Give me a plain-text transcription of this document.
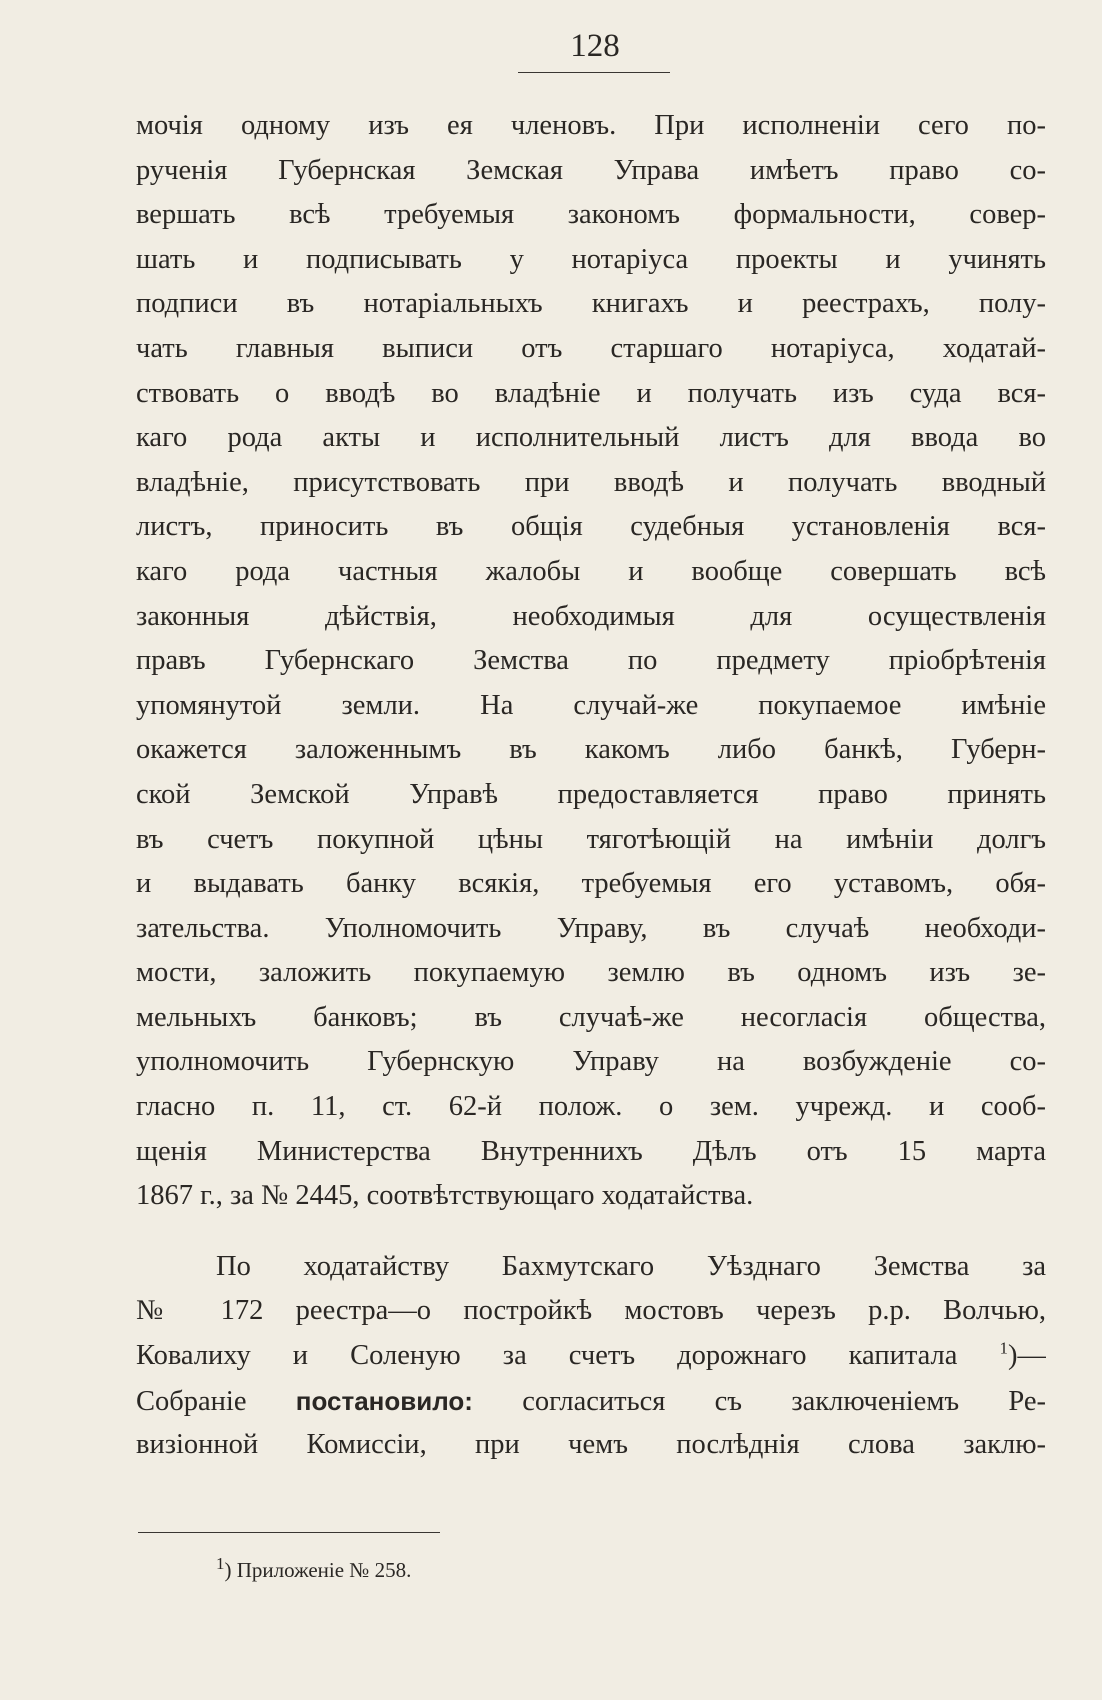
128
мочія одному изъ ея членовъ. При исполненіи сего по-
рученія Губернская Земская Управа имѣетъ право со-
вершать всѣ требуемыя закономъ формальности, совер-
шать и подписывать у нотаріуса проекты и учинять
подписи въ нотаріальныхъ книгахъ и реестрахъ, полу-
чать главныя выписи отъ старшаго нотаріуса, ходатай-
ствовать о вводѣ во владѣніе и получать изъ суда вся-
каго рода акты и исполнительный листъ для ввода во
владѣніе, присутствовать при вводѣ и получать вводный
листъ, приносить въ общія судебныя установленія вся-
каго рода частныя жалобы и вообще совершать всѣ
законныя дѣйствія, необходимыя для осуществленія
правъ Губернскаго Земства по предмету пріобрѣтенія
упомянутой земли. На случай-же покупаемое имѣніе
окажется заложеннымъ въ какомъ либо банкѣ, Губерн-
ской Земской Управѣ предоставляется право принять
въ счетъ покупной цѣны тяготѣющій на имѣніи долгъ
и выдавать банку всякія, требуемыя его уставомъ, обя-
зательства. Уполномочить Управу, въ случаѣ необходи-
мости, заложить покупаемую землю въ одномъ изъ зе-
мельныхъ банковъ; въ случаѣ-же несогласія общества,
уполномочить Губернскую Управу на возбужденіе со-
гласно п. 11, ст. 62-й полож. о зем. учрежд. и сооб-
щенія Министерства Внутреннихъ Дѣлъ отъ 15 марта
1867 г., за № 2445, соотвѣтствующаго ходатайства.
По ходатайству Бахмутскаго Уѣзднаго Земства за
№ 172 реестра—о постройкѣ мостовъ черезъ р.р. Волчью,
Ковалиху и Соленую за счетъ дорожнаго капитала $^1$)—
Собраніе постановило: согласиться съ заключеніемъ Ре-
визіонной Комиссіи, при чемъ послѣднія слова заклю-
$^1$) Приложеніе № 258.
